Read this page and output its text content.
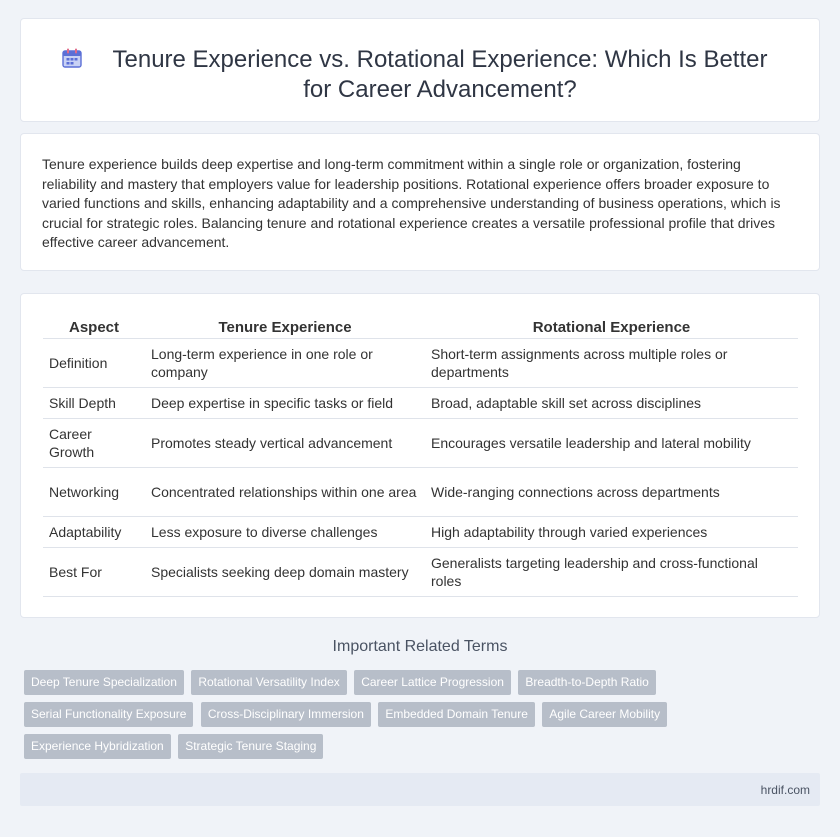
Tenure Experience vs. Rotational Experience: Which Is Better for Career Advancement?
Tenure experience builds deep expertise and long-term commitment within a single role or organization, fostering reliability and mastery that employers value for leadership positions. Rotational experience offers broader exposure to varied functions and skills, enhancing adaptability and a comprehensive understanding of business operations, which is crucial for strategic roles. Balancing tenure and rotational experience creates a versatile professional profile that drives effective career advancement.
Aspect	Tenure Experience	Rotational Experience
Definition	Long-term experience in one role or company	Short-term assignments across multiple roles or departments
Skill Depth	Deep expertise in specific tasks or field	Broad, adaptable skill set across disciplines
Career Growth	Promotes steady vertical advancement	Encourages versatile leadership and lateral mobility
Networking	Concentrated relationships within one area	Wide-ranging connections across departments
Adaptability	Less exposure to diverse challenges	High adaptability through varied experiences
Best For	Specialists seeking deep domain mastery	Generalists targeting leadership and cross-functional roles
Important Related Terms
Deep Tenure Specialization Rotational Versatility Index Career Lattice Progression Breadth-to-Depth Ratio
Serial Functionality Exposure Cross-Disciplinary Immersion Embedded Domain Tenure Agile Career Mobility
Experience Hybridization Strategic Tenure Staging
hrdif.com
